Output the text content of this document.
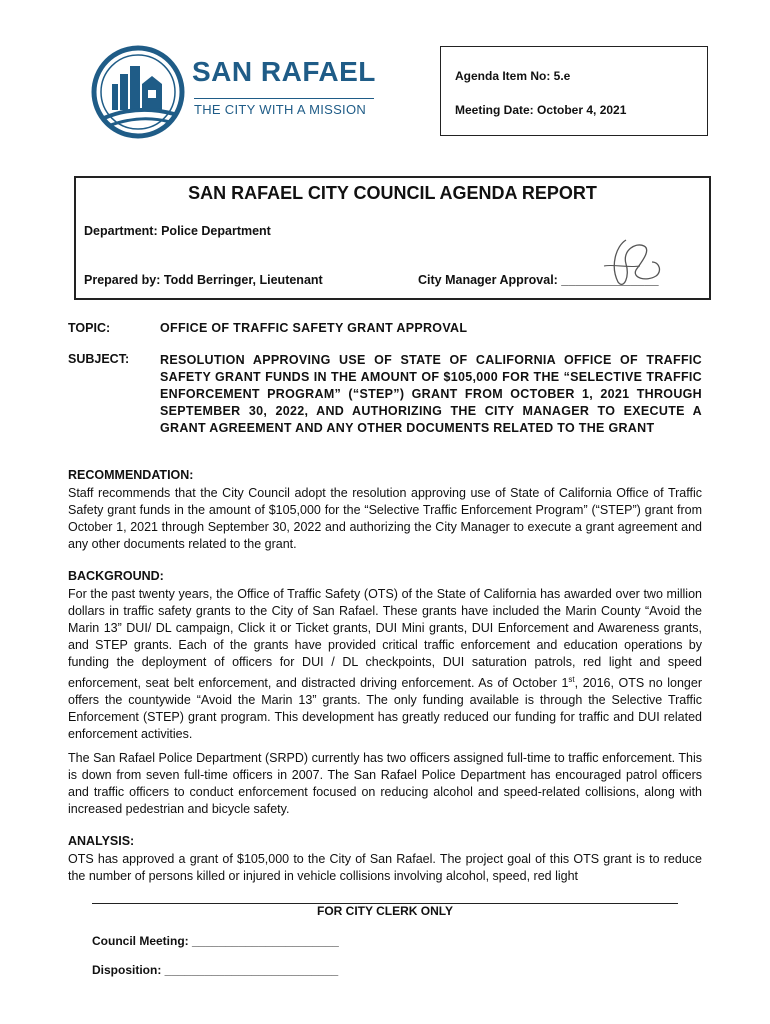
SAN RAFAEL
THE CITY WITH A MISSION
Agenda Item No: 5.e
Meeting Date: October 4, 2021
SAN RAFAEL CITY COUNCIL AGENDA REPORT
Department: Police Department
Prepared by: Todd Berringer, Lieutenant	City Manager Approval: ______________
TOPIC:	OFFICE OF TRAFFIC SAFETY GRANT APPROVAL
SUBJECT: RESOLUTION APPROVING USE OF STATE OF CALIFORNIA OFFICE OF TRAFFIC SAFETY GRANT FUNDS IN THE AMOUNT OF $105,000 FOR THE “SELECTIVE TRAFFIC ENFORCEMENT PROGRAM” (“STEP”) GRANT FROM OCTOBER 1, 2021 THROUGH SEPTEMBER 30, 2022, AND AUTHORIZING THE CITY MANAGER TO EXECUTE A GRANT AGREEMENT AND ANY OTHER DOCUMENTS RELATED TO THE GRANT
RECOMMENDATION:
Staff recommends that the City Council adopt the resolution approving use of State of California Office of Traffic Safety grant funds in the amount of $105,000 for the “Selective Traffic Enforcement Program” (“STEP”) grant from October 1, 2021 through September 30, 2022 and authorizing the City Manager to execute a grant agreement and any other documents related to the grant.
BACKGROUND:
For the past twenty years, the Office of Traffic Safety (OTS) of the State of California has awarded over two million dollars in traffic safety grants to the City of San Rafael. These grants have included the Marin County “Avoid the Marin 13” DUI/ DL campaign, Click it or Ticket grants, DUI Mini grants, DUI Enforcement and Awareness grants, and STEP grants. Each of the grants have provided critical traffic enforcement and education operations by funding the deployment of officers for DUI / DL checkpoints, DUI saturation patrols, red light and speed enforcement, seat belt enforcement, and distracted driving enforcement. As of October 1st, 2016, OTS no longer offers the countywide “Avoid the Marin 13” grants. The only funding available is through the Selective Traffic Enforcement (STEP) grant program. This development has greatly reduced our funding for traffic and DUI related enforcement activities.
The San Rafael Police Department (SRPD) currently has two officers assigned full-time to traffic enforcement. This is down from seven full-time officers in 2007. The San Rafael Police Department has encouraged patrol officers and traffic officers to conduct enforcement focused on reducing alcohol and speed-related collisions, along with increased pedestrian and bicycle safety.
ANALYSIS:
OTS has approved a grant of $105,000 to the City of San Rafael. The project goal of this OTS grant is to reduce the number of persons killed or injured in vehicle collisions involving alcohol, speed, red light
FOR CITY CLERK ONLY
Council Meeting: ______________________
Disposition: __________________________
